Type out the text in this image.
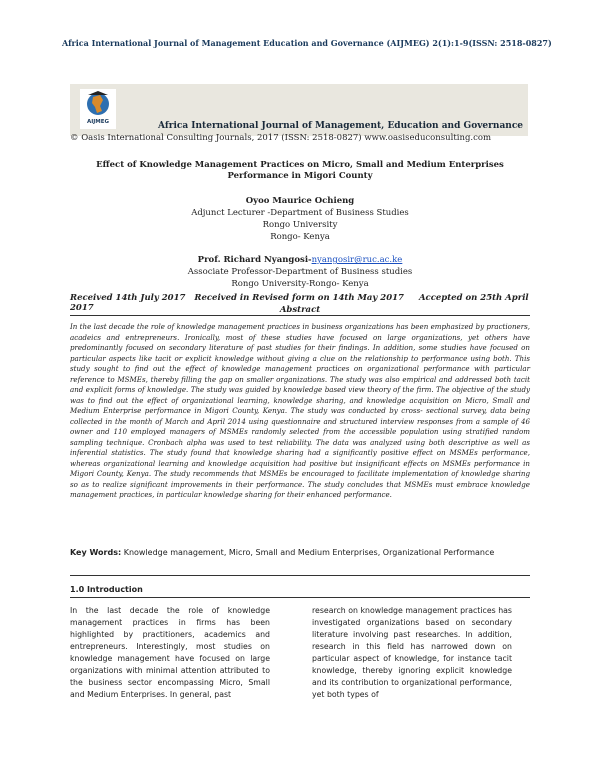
Africa International Journal of Management Education and Governance (AIJMEG) 2(1):1-9(ISSN: 2518-0827)
AIJMEG	Africa International Journal of Management, Education and Governance
© Oasis International Consulting Journals, 2017 (ISSN: 2518-0827) www.oasiseduconsulting.com
Effect of Knowledge Management Practices on Micro, Small and Medium Enterprises Performance in Migori County
Oyoo Maurice Ochieng
Adjunct Lecturer -Department of Business Studies
Rongo University
Rongo- Kenya
Prof. Richard Nyangosi-nyangosir@ruc.ac.ke
Associate Professor-Department of Business studies
Rongo University-Rongo- Kenya
Received 14th July 2017 Received in Revised form on 14th May 2017 Accepted on 25th April 2017	Abstract
In the last decade the role of knowledge management practices in business organizations has been emphasized by practioners, acadeics and entrepreneurs. Ironically, most of these studies have focused on large organizations, yet others have predominantly focused on secondary literature of past studies for their findings. In addition, some studies have focused on particular aspects like tacit or explicit knowledge without giving a clue on the relationship to performance using both. This study sought to find out the effect of knowledge management practices on organizational performance with particular reference to MSMEs, thereby filling the gap on smaller organizations. The study was also empirical and addressed both tacit and explicit forms of knowledge. The study was guided by knowledge based view theory of the firm. The objective of the study was to find out the effect of organizational learning, knowledge sharing, and knowledge acquisition on Micro, Small and Medium Enterprise performance in Migori County, Kenya. The study was conducted by cross- sectional survey, data being collected in the month of March and April 2014 using questionnaire and structured interview responses from a sample of 46 owner and 110 employed managers of MSMEs randomly selected from the accessible population using stratified random sampling technique. Cronbach alpha was used to test reliability. The data was analyzed using both descriptive as well as inferential statistics. The study found that knowledge sharing had a significantly positive effect on MSMEs performance, whereas organizational learning and knowledge acquisition had positive but insignificant effects on MSMEs performance in Migori County, Kenya. The study recommends that MSMEs be encouraged to facilitate implementation of knowledge sharing so as to realize significant improvements in their performance. The study concludes that MSMEs must embrace knowledge management practices, in particular knowledge sharing for their enhanced performance.
Key Words: Knowledge management, Micro, Small and Medium Enterprises, Organizational Performance
1.0 Introduction
In the last decade the role of knowledge management practices in firms has been highlighted by practitioners, academics and entrepreneurs. Interestingly, most studies on knowledge management have focused on large organizations with minimal attention attributed to the business sector encompassing Micro, Small and Medium Enterprises. In general, past
research on knowledge management practices has investigated organizations based on secondary literature involving past researches. In addition, research in this field has narrowed down on particular aspect of knowledge, for instance tacit knowledge, thereby ignoring explicit knowledge and its contribution to organizational performance, yet both types of
